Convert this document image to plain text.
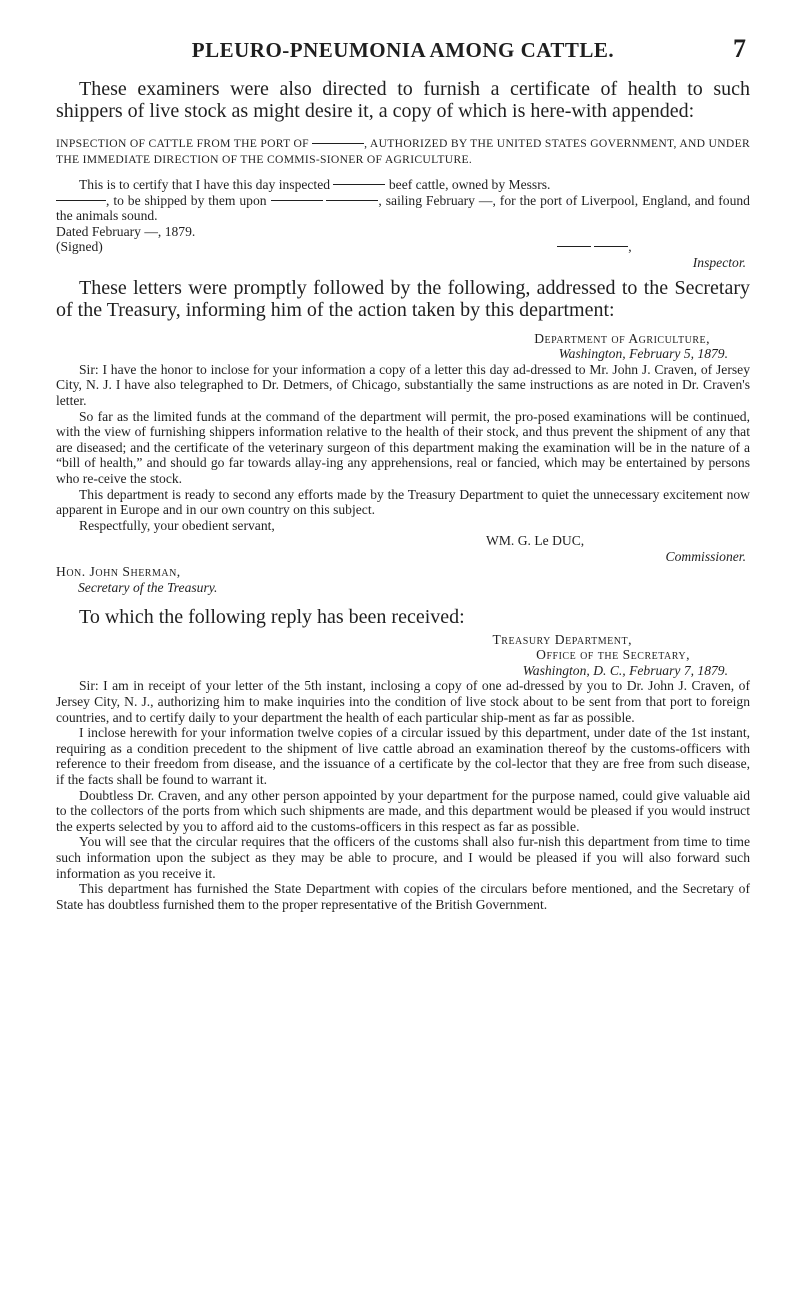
PLEURO-PNEUMONIA AMONG CATTLE.	7

These examiners were also directed to furnish a certificate of health to such shippers of live stock as might desire it, a copy of which is here-with appended:

INPSECTION OF CATTLE FROM THE PORT OF	, AUTHORIZED BY THE UNITED STATES GOVERNMENT, AND UNDER THE IMMEDIATE DIRECTION OF THE COMMIS-SIONER OF AGRICULTURE.

This is to certify that I have this day inspected	beef cattle, owned by Messrs.
, to be shipped by them upon	, sailing February —, for the port of Liverpool, England, and found the animals sound.

Dated February —, 1879.

(Signed)	,

Inspector.

These letters were promptly followed by the following, addressed to the Secretary of the Treasury, informing him of the action taken by this department:

Department of Agriculture,

Washington, February 5, 1879.

Sir: I have the honor to inclose for your information a copy of a letter this day ad-dressed to Mr. John J. Craven, of Jersey City, N. J. I have also telegraphed to Dr. Detmers, of Chicago, substantially the same instructions as are noted in Dr. Craven's letter.

So far as the limited funds at the command of the department will permit, the pro-posed examinations will be continued, with the view of furnishing shippers information relative to the health of their stock, and thus prevent the shipment of any that are diseased; and the certificate of the veterinary surgeon of this department making the examination will be in the nature of a “bill of health,” and should go far towards allay-ing any apprehensions, real or fancied, which may be entertained by persons who re-ceive the stock.

This department is ready to second any efforts made by the Treasury Department to quiet the unnecessary excitement now apparent in Europe and in our own country on this subject.

Respectfully, your obedient servant,

WM. G. Le DUC,

Commissioner.

Hon. John Sherman,

Secretary of the Treasury.

To which the following reply has been received:

Treasury Department,

Office of the Secretary,

Washington, D. C., February 7, 1879.

Sir: I am in receipt of your letter of the 5th instant, inclosing a copy of one ad-dressed by you to Dr. John J. Craven, of Jersey City, N. J., authorizing him to make inquiries into the condition of live stock about to be sent from that port to foreign countries, and to certify daily to your department the health of each particular ship-ment as far as possible.

I inclose herewith for your information twelve copies of a circular issued by this department, under date of the 1st instant, requiring as a condition precedent to the shipment of live cattle abroad an examination thereof by the customs-officers with reference to their freedom from disease, and the issuance of a certificate by the col-lector that they are free from such disease, if the facts shall be found to warrant it.

Doubtless Dr. Craven, and any other person appointed by your department for the purpose named, could give valuable aid to the collectors of the ports from which such shipments are made, and this department would be pleased if you would instruct the experts selected by you to afford aid to the customs-officers in this respect as far as possible.

You will see that the circular requires that the officers of the customs shall also fur-nish this department from time to time such information upon the subject as they may be able to procure, and I would be pleased if you will also forward such information as you receive it.

This department has furnished the State Department with copies of the circulars before mentioned, and the Secretary of State has doubtless furnished them to the proper representative of the British Government.
